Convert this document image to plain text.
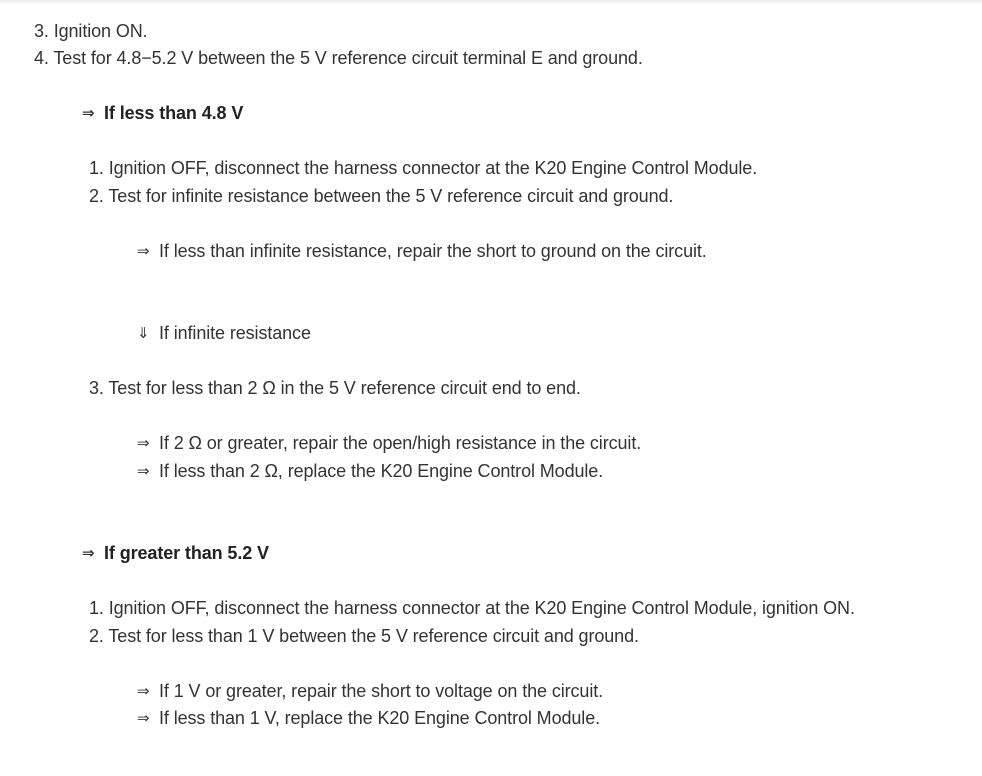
3. Ignition ON.
4. Test for 4.8−5.2 V between the 5 V reference circuit terminal E and ground.
⇒ If less than 4.8 V
1. Ignition OFF, disconnect the harness connector at the K20 Engine Control Module.
2. Test for infinite resistance between the 5 V reference circuit and ground.
⇒ If less than infinite resistance, repair the short to ground on the circuit.
⇓ If infinite resistance
3. Test for less than 2 Ω in the 5 V reference circuit end to end.
⇒ If 2 Ω or greater, repair the open/high resistance in the circuit.
⇒ If less than 2 Ω, replace the K20 Engine Control Module.
⇒ If greater than 5.2 V
1. Ignition OFF, disconnect the harness connector at the K20 Engine Control Module, ignition ON.
2. Test for less than 1 V between the 5 V reference circuit and ground.
⇒ If 1 V or greater, repair the short to voltage on the circuit.
⇒ If less than 1 V, replace the K20 Engine Control Module.
